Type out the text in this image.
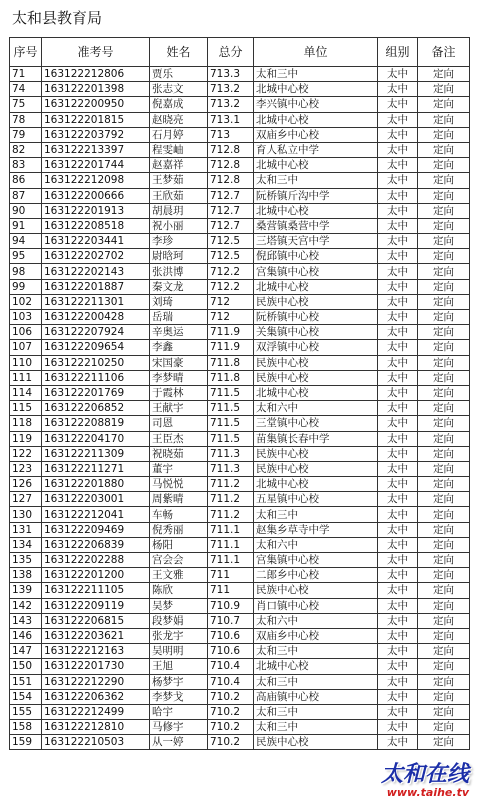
太和县教育局
序号	准考号	姓名	总分	单位	组别	备注
71	163122212806	贾乐	713.3	太和三中	太中	定向
74	163122201398	张志文	713.2	北城中心校	太中	定向
75	163122200950	倪嘉成	713.2	李兴镇中心校	太中	定向
78	163122201815	赵晓亮	713.1	北城中心校	太中	定向
79	163122203792	石月婷	713	双庙乡中心校	太中	定向
82	163122213397	程雯岫	712.8	育人私立中学	太中	定向
83	163122201744	赵嘉祥	712.8	北城中心校	太中	定向
86	163122212098	王梦茹	712.8	太和三中	太中	定向
87	163122200666	王欣茹	712.7	阮桥镇斤沟中学	太中	定向
90	163122201913	胡晨玥	712.7	北城中心校	太中	定向
91	163122208518	祝小丽	712.7	桑营镇桑营中学	太中	定向
94	163122203441	李珍	712.5	三塔镇天宫中学	太中	定向
95	163122202702	尉晗珂	712.5	倪邱镇中心校	太中	定向
98	163122202143	张洪博	712.2	宫集镇中心校	太中	定向
99	163122201887	秦文龙	712.2	北城中心校	太中	定向
102	163122211301	刘琦	712	民族中心校	太中	定向
103	163122200428	岳瑞	712	阮桥镇中心校	太中	定向
106	163122207924	辛奥运	711.9	关集镇中心校	太中	定向
107	163122209654	李鑫	711.9	双浮镇中心校	太中	定向
110	163122210250	宋国豪	711.8	民族中心校	太中	定向
111	163122211106	李梦晴	711.8	民族中心校	太中	定向
114	163122201769	于霞林	711.5	北城中心校	太中	定向
115	163122206852	王献宇	711.5	太和六中	太中	定向
118	163122208819	司恩	711.5	三堂镇中心校	太中	定向
119	163122204170	王臣杰	711.5	苗集镇长春中学	太中	定向
122	163122211309	祝晓茹	711.3	民族中心校	太中	定向
123	163122211271	董宇	711.3	民族中心校	太中	定向
126	163122201880	马悦悦	711.2	北城中心校	太中	定向
127	163122203001	周紫晴	711.2	五星镇中心校	太中	定向
130	163122212041	车畅	711.2	太和三中	太中	定向
131	163122209469	倪秀丽	711.1	赵集乡草寺中学	太中	定向
134	163122206839	杨阳	711.1	太和六中	太中	定向
135	163122202288	宫会会	711.1	宫集镇中心校	太中	定向
138	163122201200	王文雅	711	二郎乡中心校	太中	定向
139	163122211105	陈欣	711	民族中心校	太中	定向
142	163122209119	吴梦	710.9	肖口镇中心校	太中	定向
143	163122206815	段梦娟	710.7	太和六中	太中	定向
146	163122203621	张龙宇	710.6	双庙乡中心校	太中	定向
147	163122212163	吴明明	710.6	太和三中	太中	定向
150	163122201730	王旭	710.4	北城中心校	太中	定向
151	163122212290	杨梦宇	710.4	太和三中	太中	定向
154	163122206362	李梦戈	710.2	高庙镇中心校	太中	定向
155	163122212499	哈宇	710.2	太和三中	太中	定向
158	163122212810	马修宇	710.2	太和三中	太中	定向
159	163122210503	从一婷	710.2	民族中心校	太中	定向
太和在线
www.taihe.tv
